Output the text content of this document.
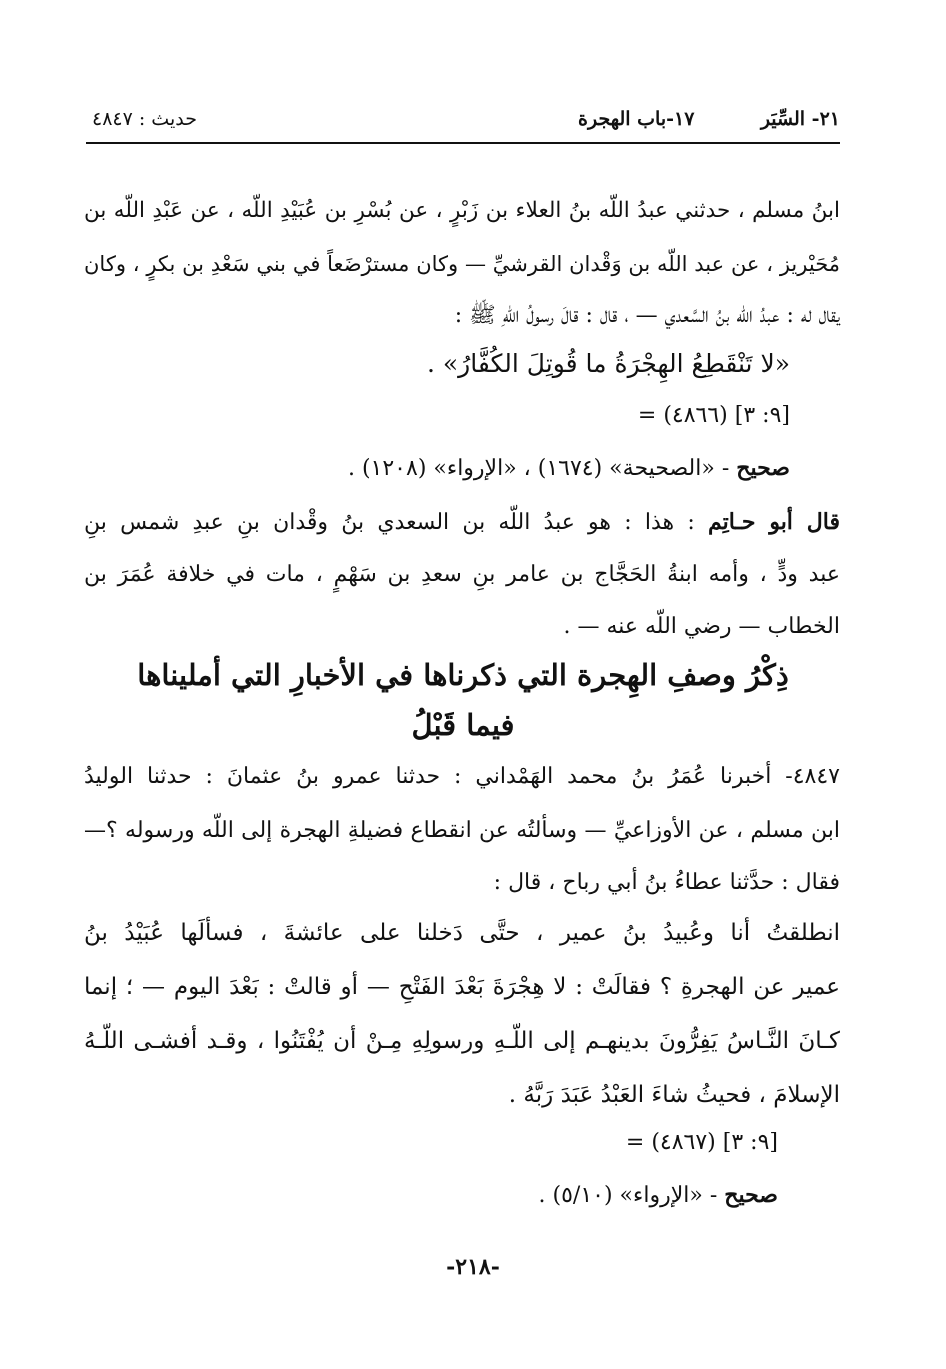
٢١- السِّيَر
١٧-باب الهجرة
حديث : ٤٨٤٧
ابنُ مسلم ، حدثني عبدُ اللّه بنُ العلاء بن زَبْرٍ ، عن بُسْرِ بن عُبَيْدِ اللّه ، عن عَبْدِ اللّه بن
مُحَيْريز ، عن عبد اللّه بن وَقْدان القرشيِّ — وكان مسترْضَعاً في بني سَعْدِ بن بكرٍ ، وكان
يقال له : عبدُ اللّه بنُ السَّعدي — ، قال : قالَ رسولُ اللّهِ ﷺ :
«لا تَنْقَطِعُ الهِجْرَةُ ما قُوتِلَ الكُفَّارُ» .
= (٤٨٦٦) [٩: ٣]
صحيح - «الصحيحة» (١٦٧٤) ، «الإرواء» (١٢٠٨) .
قال أبو حـاتِم : هذا : هو عبدُ اللّه بن السعدي بنُ وقْدان بنِ عبدِ شمس بنِ
عبد ودٍّ ، وأمه ابنةُ الحَجَّاج بن عامر بنِ سعدِ بن سَهْمٍ ، مات في خلافة عُمَرَ بن
الخطاب — رضي اللّه عنه — .
ذِكْرُ وصفِ الهِجرة التي ذكرناها في الأخبارِ التي أمليناها
فيما قَبْلُ
٤٨٤٧- أخبرنا عُمَرُ بنُ محمد الهَمْداني : حدثنا عمرو بنُ عثمانَ : حدثنا الوليدُ
ابن مسلم ، عن الأوزاعيِّ — وسألتُه عن انقطاع فضيلةِ الهجرة إلى اللّه ورسوله ؟—
فقال : حدَّثنا عطاءُ بنُ أبي رباح ، قال :
انطلقتُ أنا وعُبيدُ بنُ عمير ، حتَّى دَخلنا على عائشةَ ، فسألَها عُبَيْدُ بنُ
عمير عن الهجرةِ ؟ فقالَتْ : لا هِجْرَةَ بَعْدَ الفَتْحِ — أو قالتْ : بَعْدَ اليوم — ؛ إنما
كـانَ النَّـاسُ يَفِرُّونَ بدينهـم إلى اللّـهِ ورسولِهِ مِـنْ أن يُفْتَنُوا ، وقـد أفشـى اللّـهُ
الإسلامَ ، فحيثُ شاءَ العَبْدُ عَبَدَ رَبَّهُ .
= (٤٨٦٧) [٩: ٣]
صحيح - «الإرواء» (٥/١٠) .
-٢١٨-
